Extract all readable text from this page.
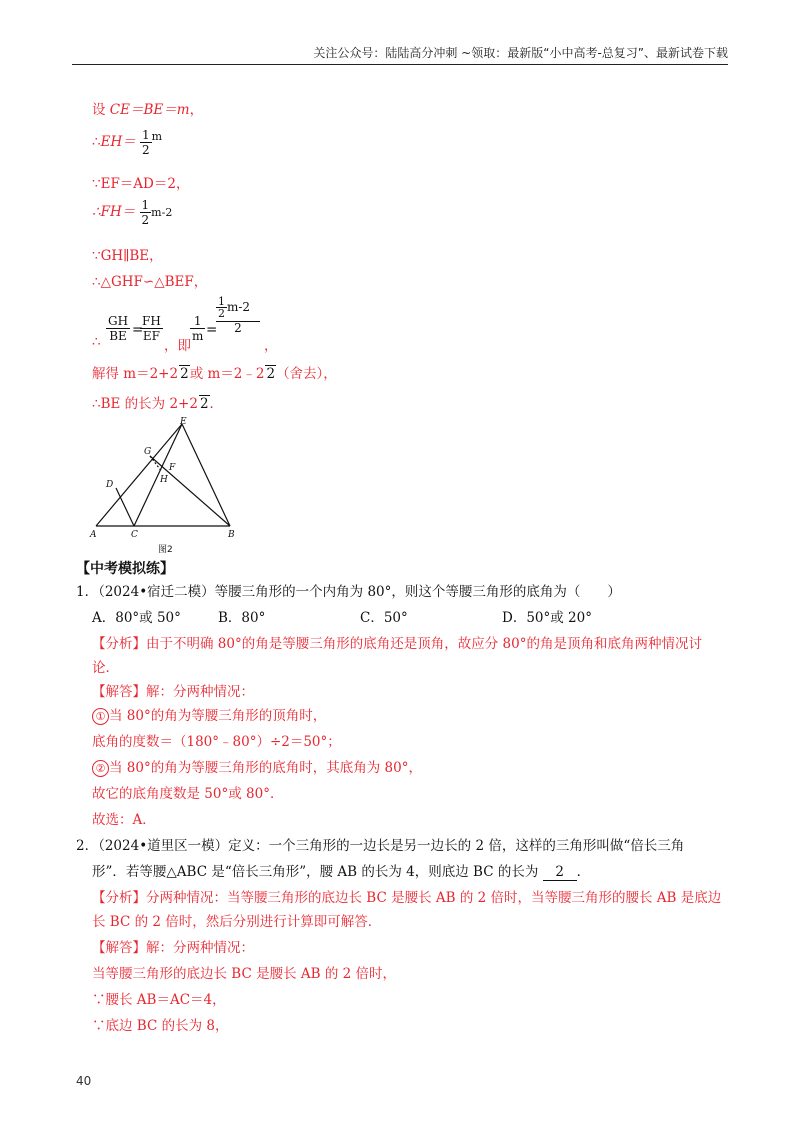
关注公众号：陆陆高分冲刺 ~领取：最新版“小中高考-总复习”、最新试卷下载
设 CE＝BE＝m，
∴EH＝ $\frac{1}{2} ^m$
∵EF＝AD＝2，
∴FH＝ $\frac{1}{2} m-2$
∵GH∥BE，
∴△GHF∽△BEF，
∴ $\frac{GH}{BE}$ =
$\frac{FH}{EF}$
，即
$\frac{1}{m}$ =
$\frac{1}{2} m-2$
2
，
解得 m＝2+2 2或 m＝2﹣2 2（舍去），
∴BE 的长为 2+2 2．
E
G
F
H
D
A	C	B
图2
【中考模拟练】
1．（2024•宿迁二模）等腰三角形的一个内角为 80°，则这个等腰三角形的底角为（　　）
A．80°或 50°	B．80°	C．50°	D．50°或 20°
【分析】由于不明确 80°的角是等腰三角形的底角还是顶角，故应分 80°的角是顶角和底角两种情况讨
论．
【解答】解：分两种情况：
① 当 80°的角为等腰三角形的顶角时，
底角的度数＝（180°﹣80°）÷2＝50°；
② 当 80°的角为等腰三角形的底角时，其底角为 80°，
故它的底角度数是 50°或 80°．
故选：A．
2．（2024•道里区一模）定义：一个三角形的一边长是另一边长的 2 倍，这样的三角形叫做“倍长三角
形”．若等腰△ABC 是“倍长三角形”，腰 AB 的长为 4，则底边 BC 的长为 2 ．
【分析】分两种情况：当等腰三角形的底边长 BC 是腰长 AB 的 2 倍时，当等腰三角形的腰长 AB 是底边
长 BC 的 2 倍时，然后分别进行计算即可解答．
【解答】解：分两种情况：
当等腰三角形的底边长 BC 是腰长 AB 的 2 倍时，
∵腰长 AB＝AC＝4，
∵底边 BC 的长为 8，
40
